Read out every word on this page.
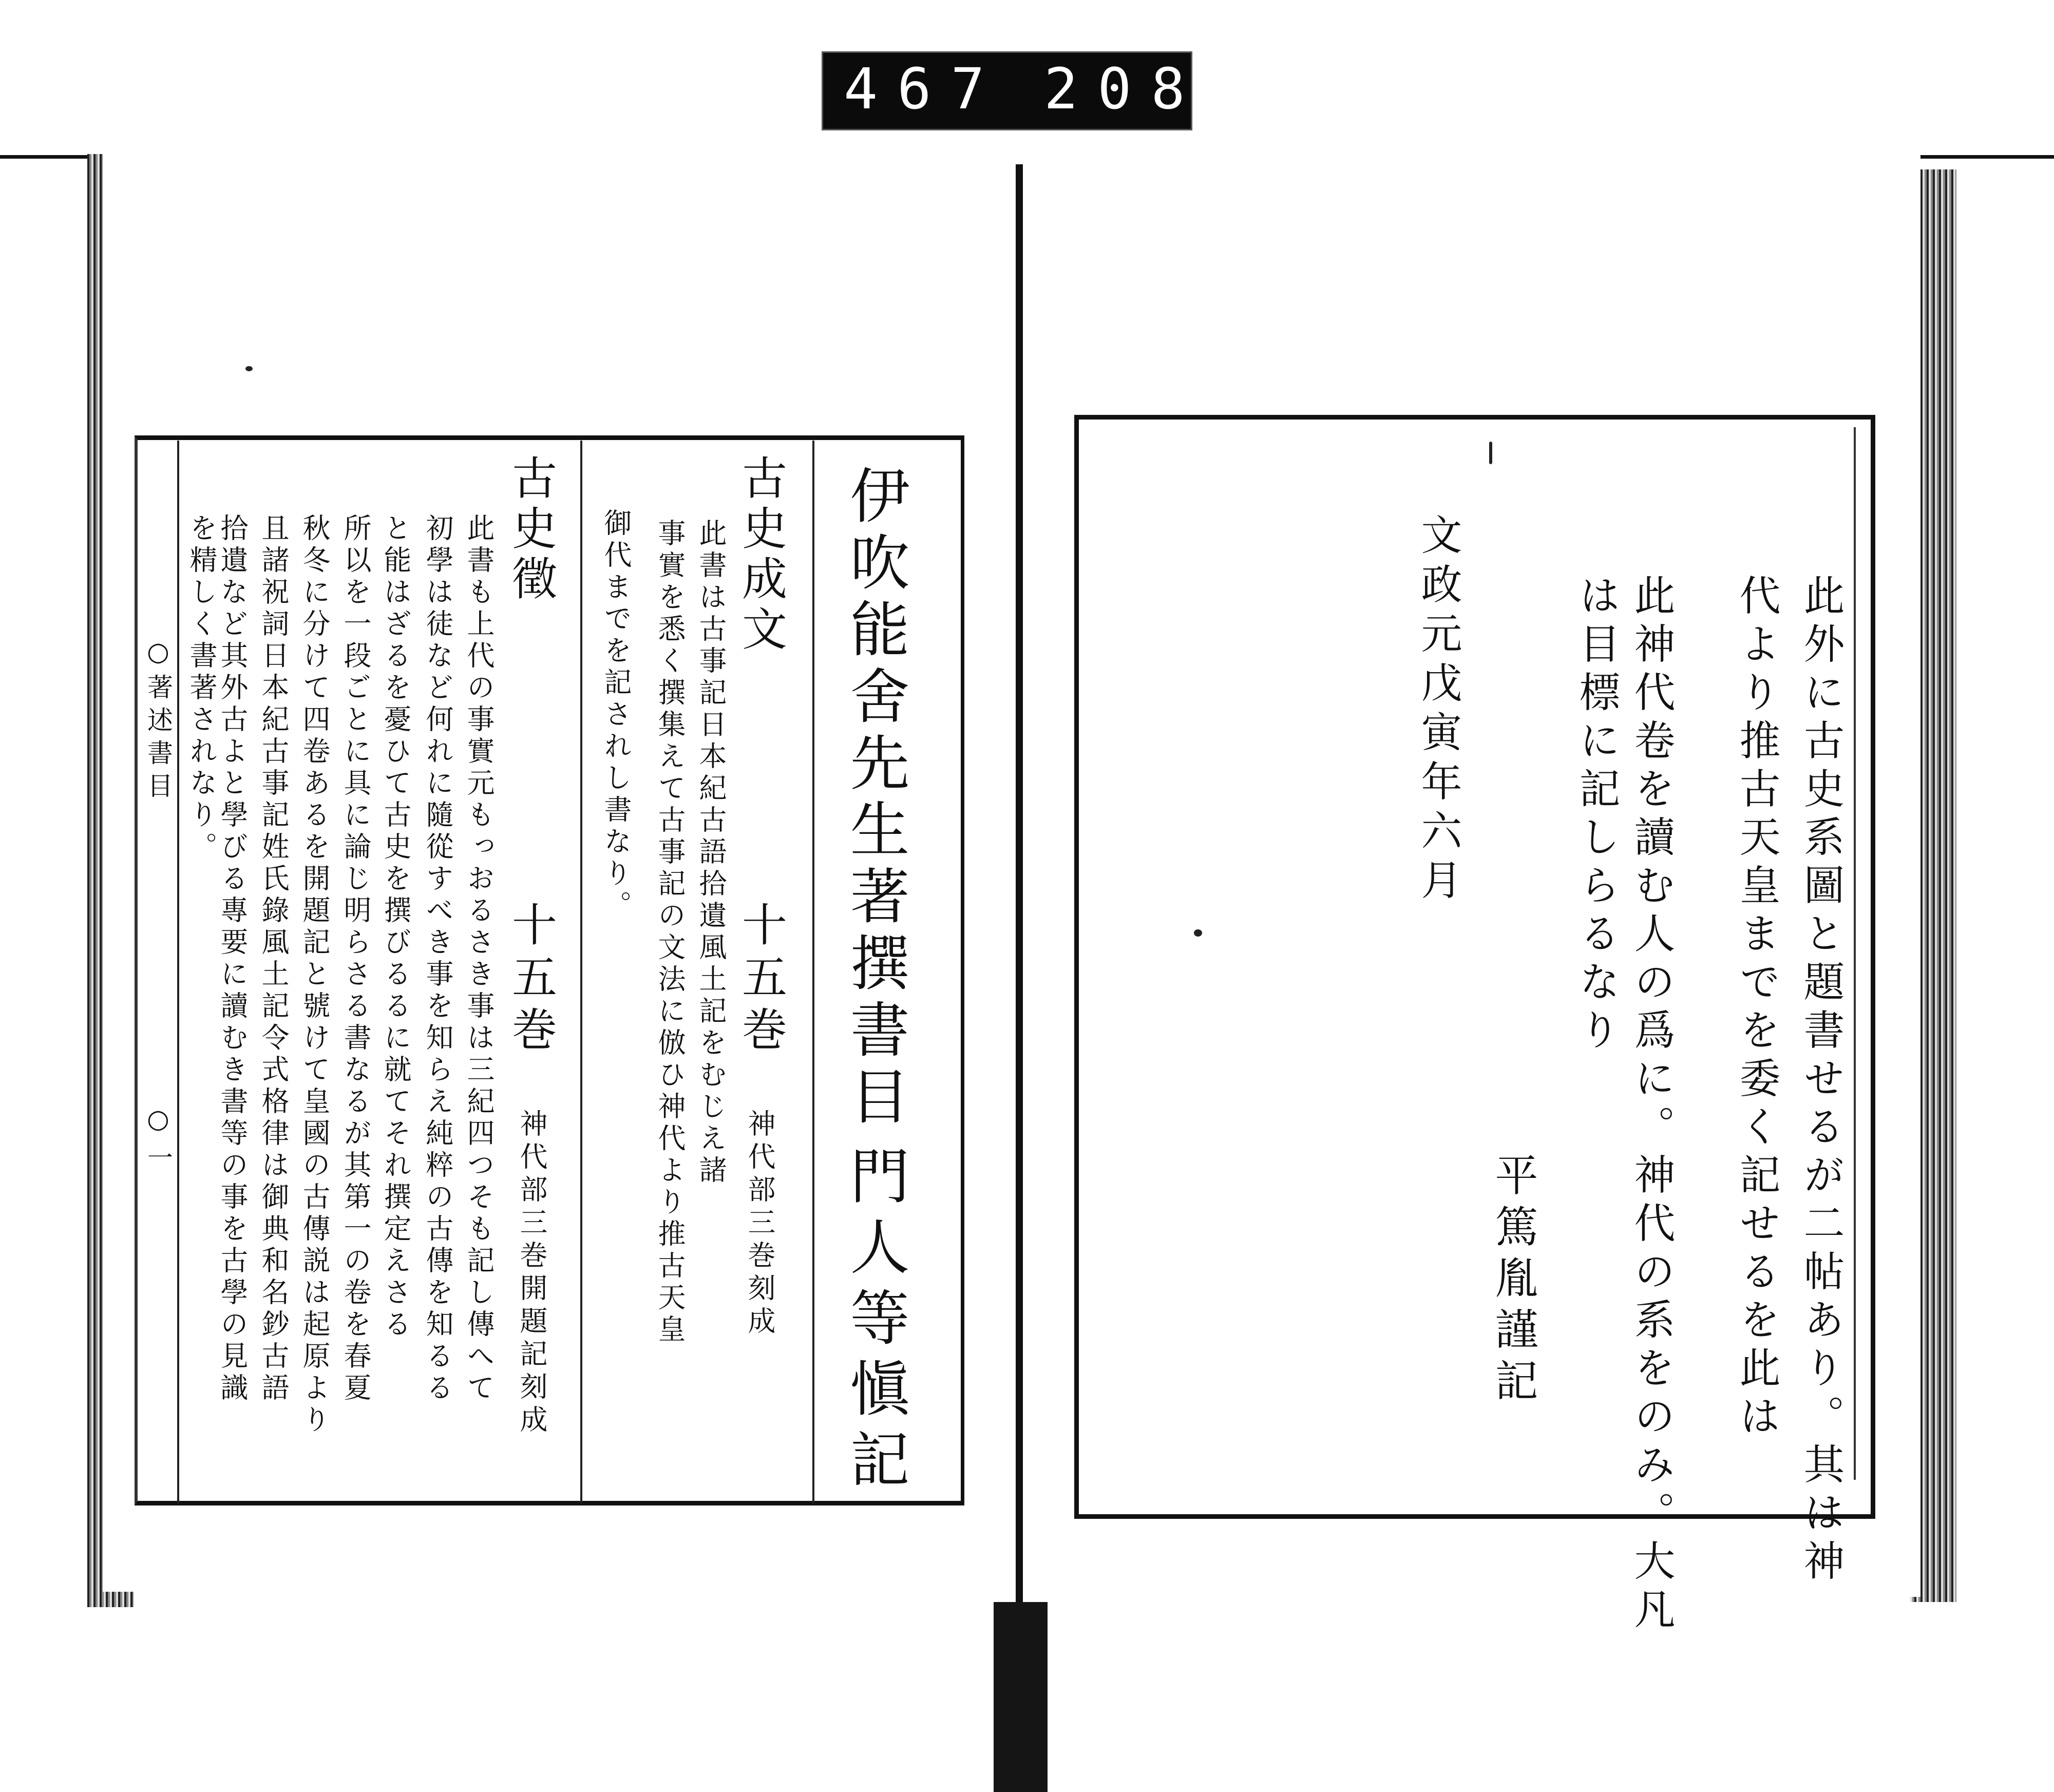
467 208
伊吹能舍先生著撰書目
門人等愼記
古史成文
十五巻
神代部三巻刻成
此書は古事記日本紀古語拾遺風土記をむじえ諸
事實を悉く撰集えて古事記の文法に倣ひ神代より推古天皇
御代までを記されし書なり。
古史徵
十五巻
神代部三巻開題記刻成
此書も上代の事實元もっおるさき事は三紀四つそも記し傳へて
初學は徒など何れに隨從すべき事を知らえ純粹の古傳を知るる
と能はざるを憂ひて古史を撰びるるに就てそれ撰定えさる
所以を一段ごとに具に論じ明らさる書なるが其第一の卷を春夏
秋冬に分けて四卷あるを開題記と號けて皇國の古傳説は起原より
且諸祝詞日本紀古事記姓氏錄風土記令式格律は御典和名鈔古語
拾遺など其外古よと學びる專要に讀むき書等の事を古學の見識
を精しく書著されなり。
○著述書目
○一	此外に古史系圖と題書せるが二帖あり。其は神
代より推古天皇までを委く記せるを此は
此神代卷を讀む人の爲に。神代の系をのみ。大凡
は目標に記しらるなり
文政元戊寅年六月
平篤胤謹記
